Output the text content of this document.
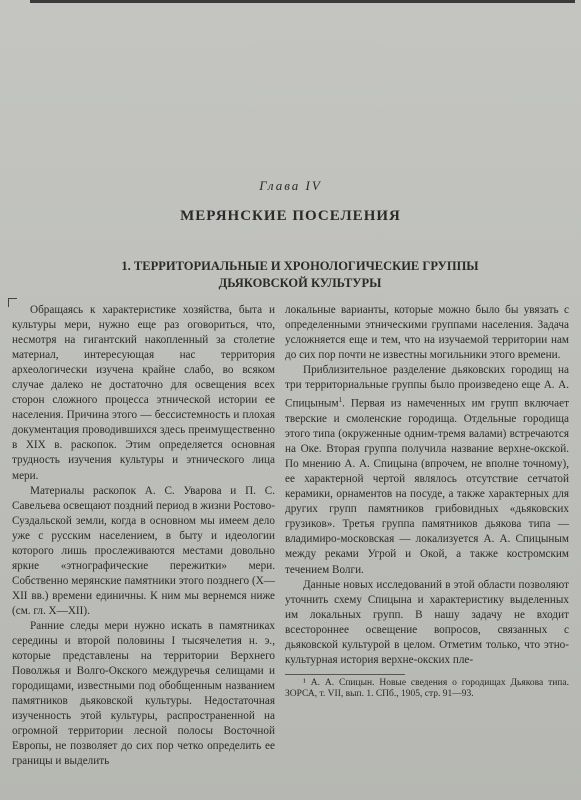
Глава IV
МЕРЯНСКИЕ ПОСЕЛЕНИЯ
1. ТЕРРИТОРИАЛЬНЫЕ И ХРОНОЛОГИЧЕСКИЕ ГРУППЫ
ДЬЯКОВСКОЙ КУЛЬТУРЫ

Обращаясь к характеристике хозяйства, быта и культуры мери, нужно еще раз оговориться, что, несмотря на гигантский накопленный за столетие материал, интересующая нас территория археологически изучена крайне слабо, во всяком случае далеко не достаточно для освещения всех сторон сложного процесса этнической истории ее населения. Причина этого — бессистемность и плохая документация проводившихся здесь преимущественно в XIX в. раскопок. Этим определяется основная трудность изучения культуры и этнического лица мери.

Материалы раскопок А. С. Уварова и П. С. Савельева освещают поздний период в жизни Ростово-Суздальской земли, когда в основном мы имеем дело уже с русским населением, в быту и идеологии которого лишь прослеживаются местами довольно яркие «этнографические пережитки» мери. Собственно мерянские памятники этого позднего (X—XII вв.) времени единичны. К ним мы вернемся ниже (см. гл. X—XII).

Ранние следы мери нужно искать в памятниках середины и второй половины I тысячелетия н. э., которые представлены на территории Верхнего Поволжья и Волго-Окского междуречья селищами и городищами, известными под обобщенным названием памятников дьяковской культуры. Недостаточная изученность этой культуры, распространенной на огромной территории лесной полосы Восточной Европы, не позволяет до сих пор четко определить ее границы и выделить

локальные варианты, которые можно было бы увязать с определенными этническими группами населения. Задача усложняется еще и тем, что на изучаемой территории нам до сих пор почти не известны могильники этого времени.

Приблизительное разделение дьяковских городищ на три территориальные группы было произведено еще А. А. Спицыным$^1$. Первая из намеченных им групп включает тверские и смоленские городища. Отдельные городища этого типа (окруженные одним-тремя валами) встречаются на Оке. Вторая группа получила название верхне-окской. По мнению А. А. Спицына (впрочем, не вполне точному), ее характерной чертой являлось отсутствие сетчатой керамики, орнаментов на посуде, а также характерных для других групп памятников грибовидных «дьяковских грузиков». Третья группа памятников дьякова типа — владимиро-московская — локализуется А. А. Спицыным между реками Угрой и Окой, а также костромским течением Волги.

Данные новых исследований в этой области позволяют уточнить схему Спицына и характеристику выделенных им локальных групп. В нашу задачу не входит всестороннее освещение вопросов, связанных с дьяковской культурой в целом. Отметим только, что этно-культурная история верхне-окских пле-

¹ А. А. Спицын. Новые сведения о городищах Дьякова типа. ЗОРСА, т. VII, вып. 1. СПб., 1905, стр. 91—93.
